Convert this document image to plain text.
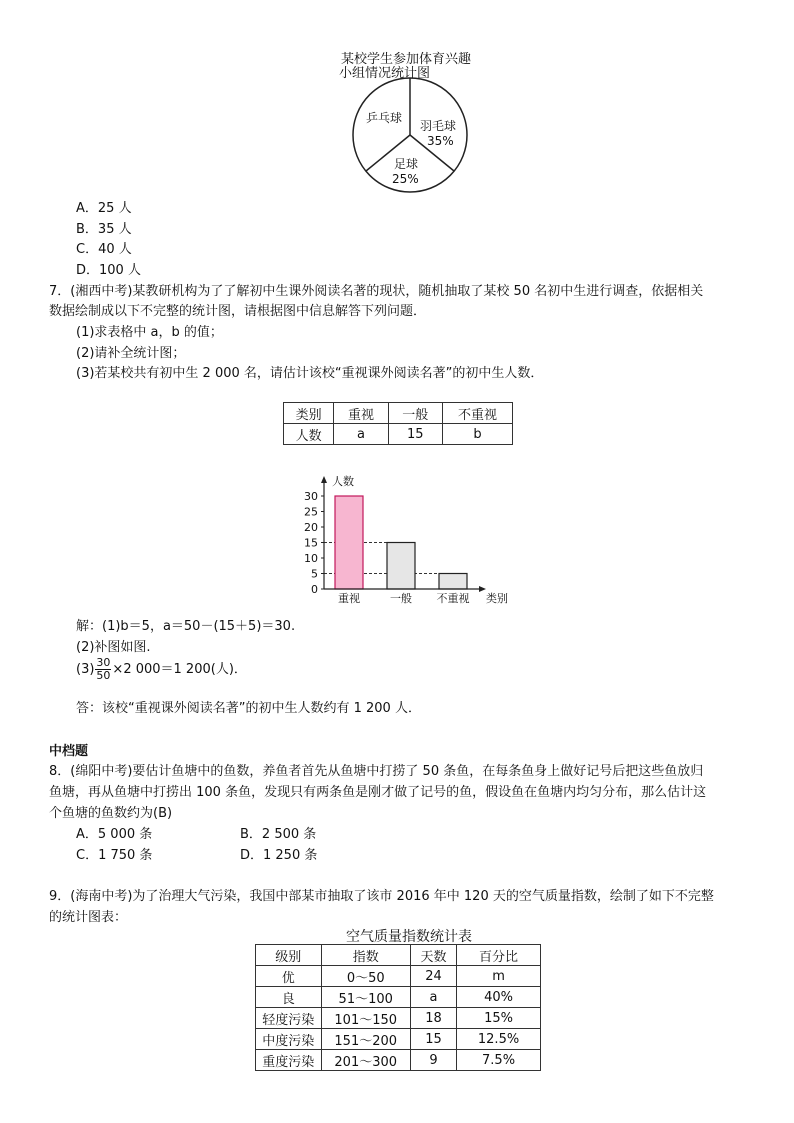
某校学生参加体育兴趣
小组情况统计图
乒乓球
羽毛球
35%
足球
25%
A．25 人
B．35 人
C．40 人
D．100 人
7．(湘西中考)某教研机构为了了解初中生课外阅读名著的现状，随机抽取了某校 50 名初中生进行调查，依据相关
数据绘制成以下不完整的统计图，请根据图中信息解答下列问题．
(1)求表格中 a，b 的值；
(2)请补全统计图；
(3)若某校共有初中生 2 000 名，请估计该校“重视课外阅读名著”的初中生人数．
类别	重视	一般	不重视
人数	a	15	b
0
5
10
15
20
25
30
重视	一般 不重视
人数
类别
解：(1)b＝5，a＝50－(15＋5)＝30.
(2)补图如图.
$(3) \frac{30}{50} \times 2$ 000＝1 200(人)．
答：该校“重视课外阅读名著”的初中生人数约有 1 200 人．
中档题
8．(绵阳中考)要估计鱼塘中的鱼数，养鱼者首先从鱼塘中打捞了 50 条鱼，在每条鱼身上做好记号后把这些鱼放归
鱼塘，再从鱼塘中打捞出 100 条鱼，发现只有两条鱼是刚才做了记号的鱼，假设鱼在鱼塘内均匀分布，那么估计这
个鱼塘的鱼数约为(B)
A．5 000 条	B．2 500 条
C．1 750 条	D．1 250 条
9．(海南中考)为了治理大气污染，我国中部某市抽取了该市 2016 年中 120 天的空气质量指数，绘制了如下不完整
的统计图表：
空气质量指数统计表
级别	指数	天数	百分比
优	0～50	24	m
良	51～100	a	40%
轻度污染	101～150	18	15%
中度污染	151～200	15	12.5%
重度污染	201～300	9	7.5%
